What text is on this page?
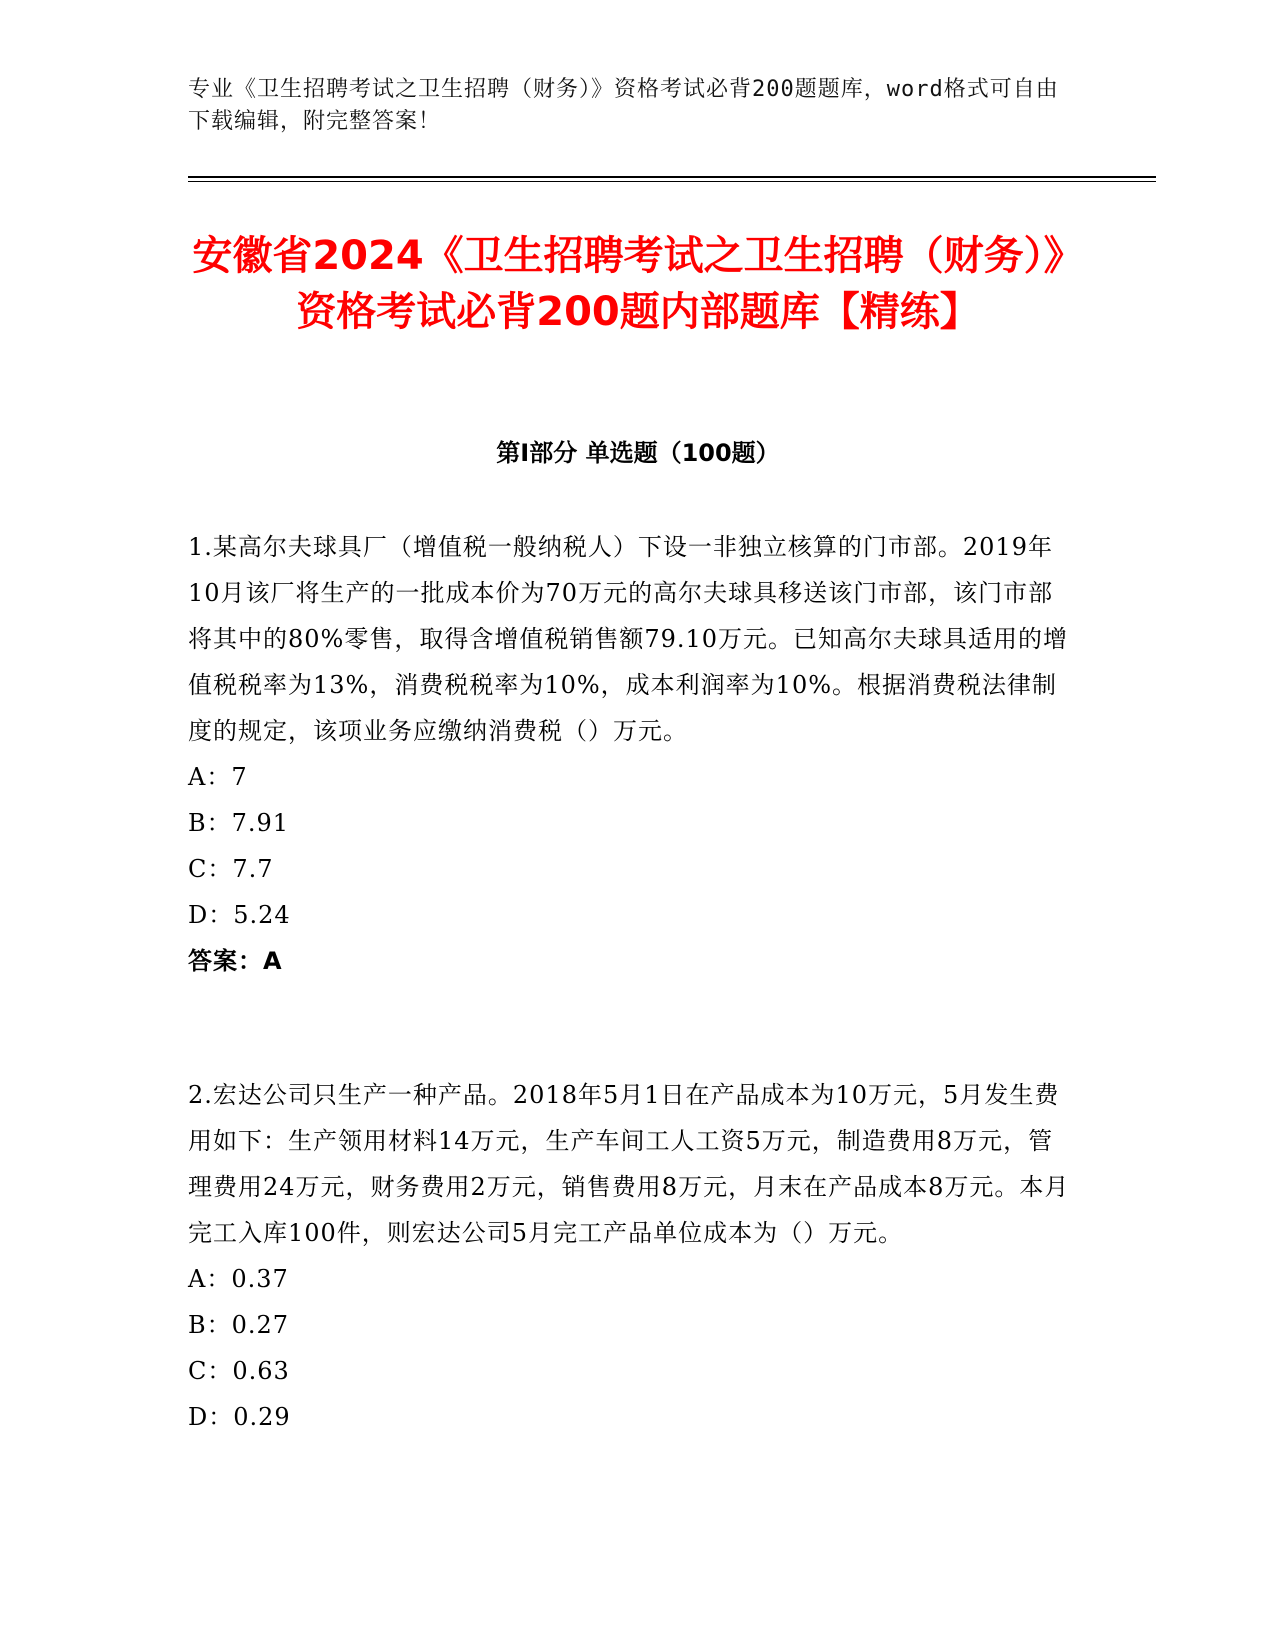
专业《卫生招聘考试之卫生招聘（财务）》资格考试必背200题题库，word格式可自由下载编辑，附完整答案！
安徽省2024《卫生招聘考试之卫生招聘（财务）》资格考试必背200题内部题库【精练】
第I部分 单选题（100题）

1.某高尔夫球具厂（增值税一般纳税人）下设一非独立核算的门市部。2019年10月该厂将生产的一批成本价为70万元的高尔夫球具移送该门市部，该门市部将其中的80%零售，取得含增值税销售额79.10万元。已知高尔夫球具适用的增值税税率为13%，消费税税率为10%，成本利润率为10%。根据消费税法律制度的规定，该项业务应缴纳消费税（）万元。

A：7

B：7.91

C：7.7

D：5.24

答案：A

2.宏达公司只生产一种产品。2018年5月1日在产品成本为10万元，5月发生费用如下：生产领用材料14万元，生产车间工人工资5万元，制造费用8万元，管理费用24万元，财务费用2万元，销售费用8万元，月末在产品成本8万元。本月完工入库100件，则宏达公司5月完工产品单位成本为（）万元。

A：0.37

B：0.27

C：0.63

D：0.29
